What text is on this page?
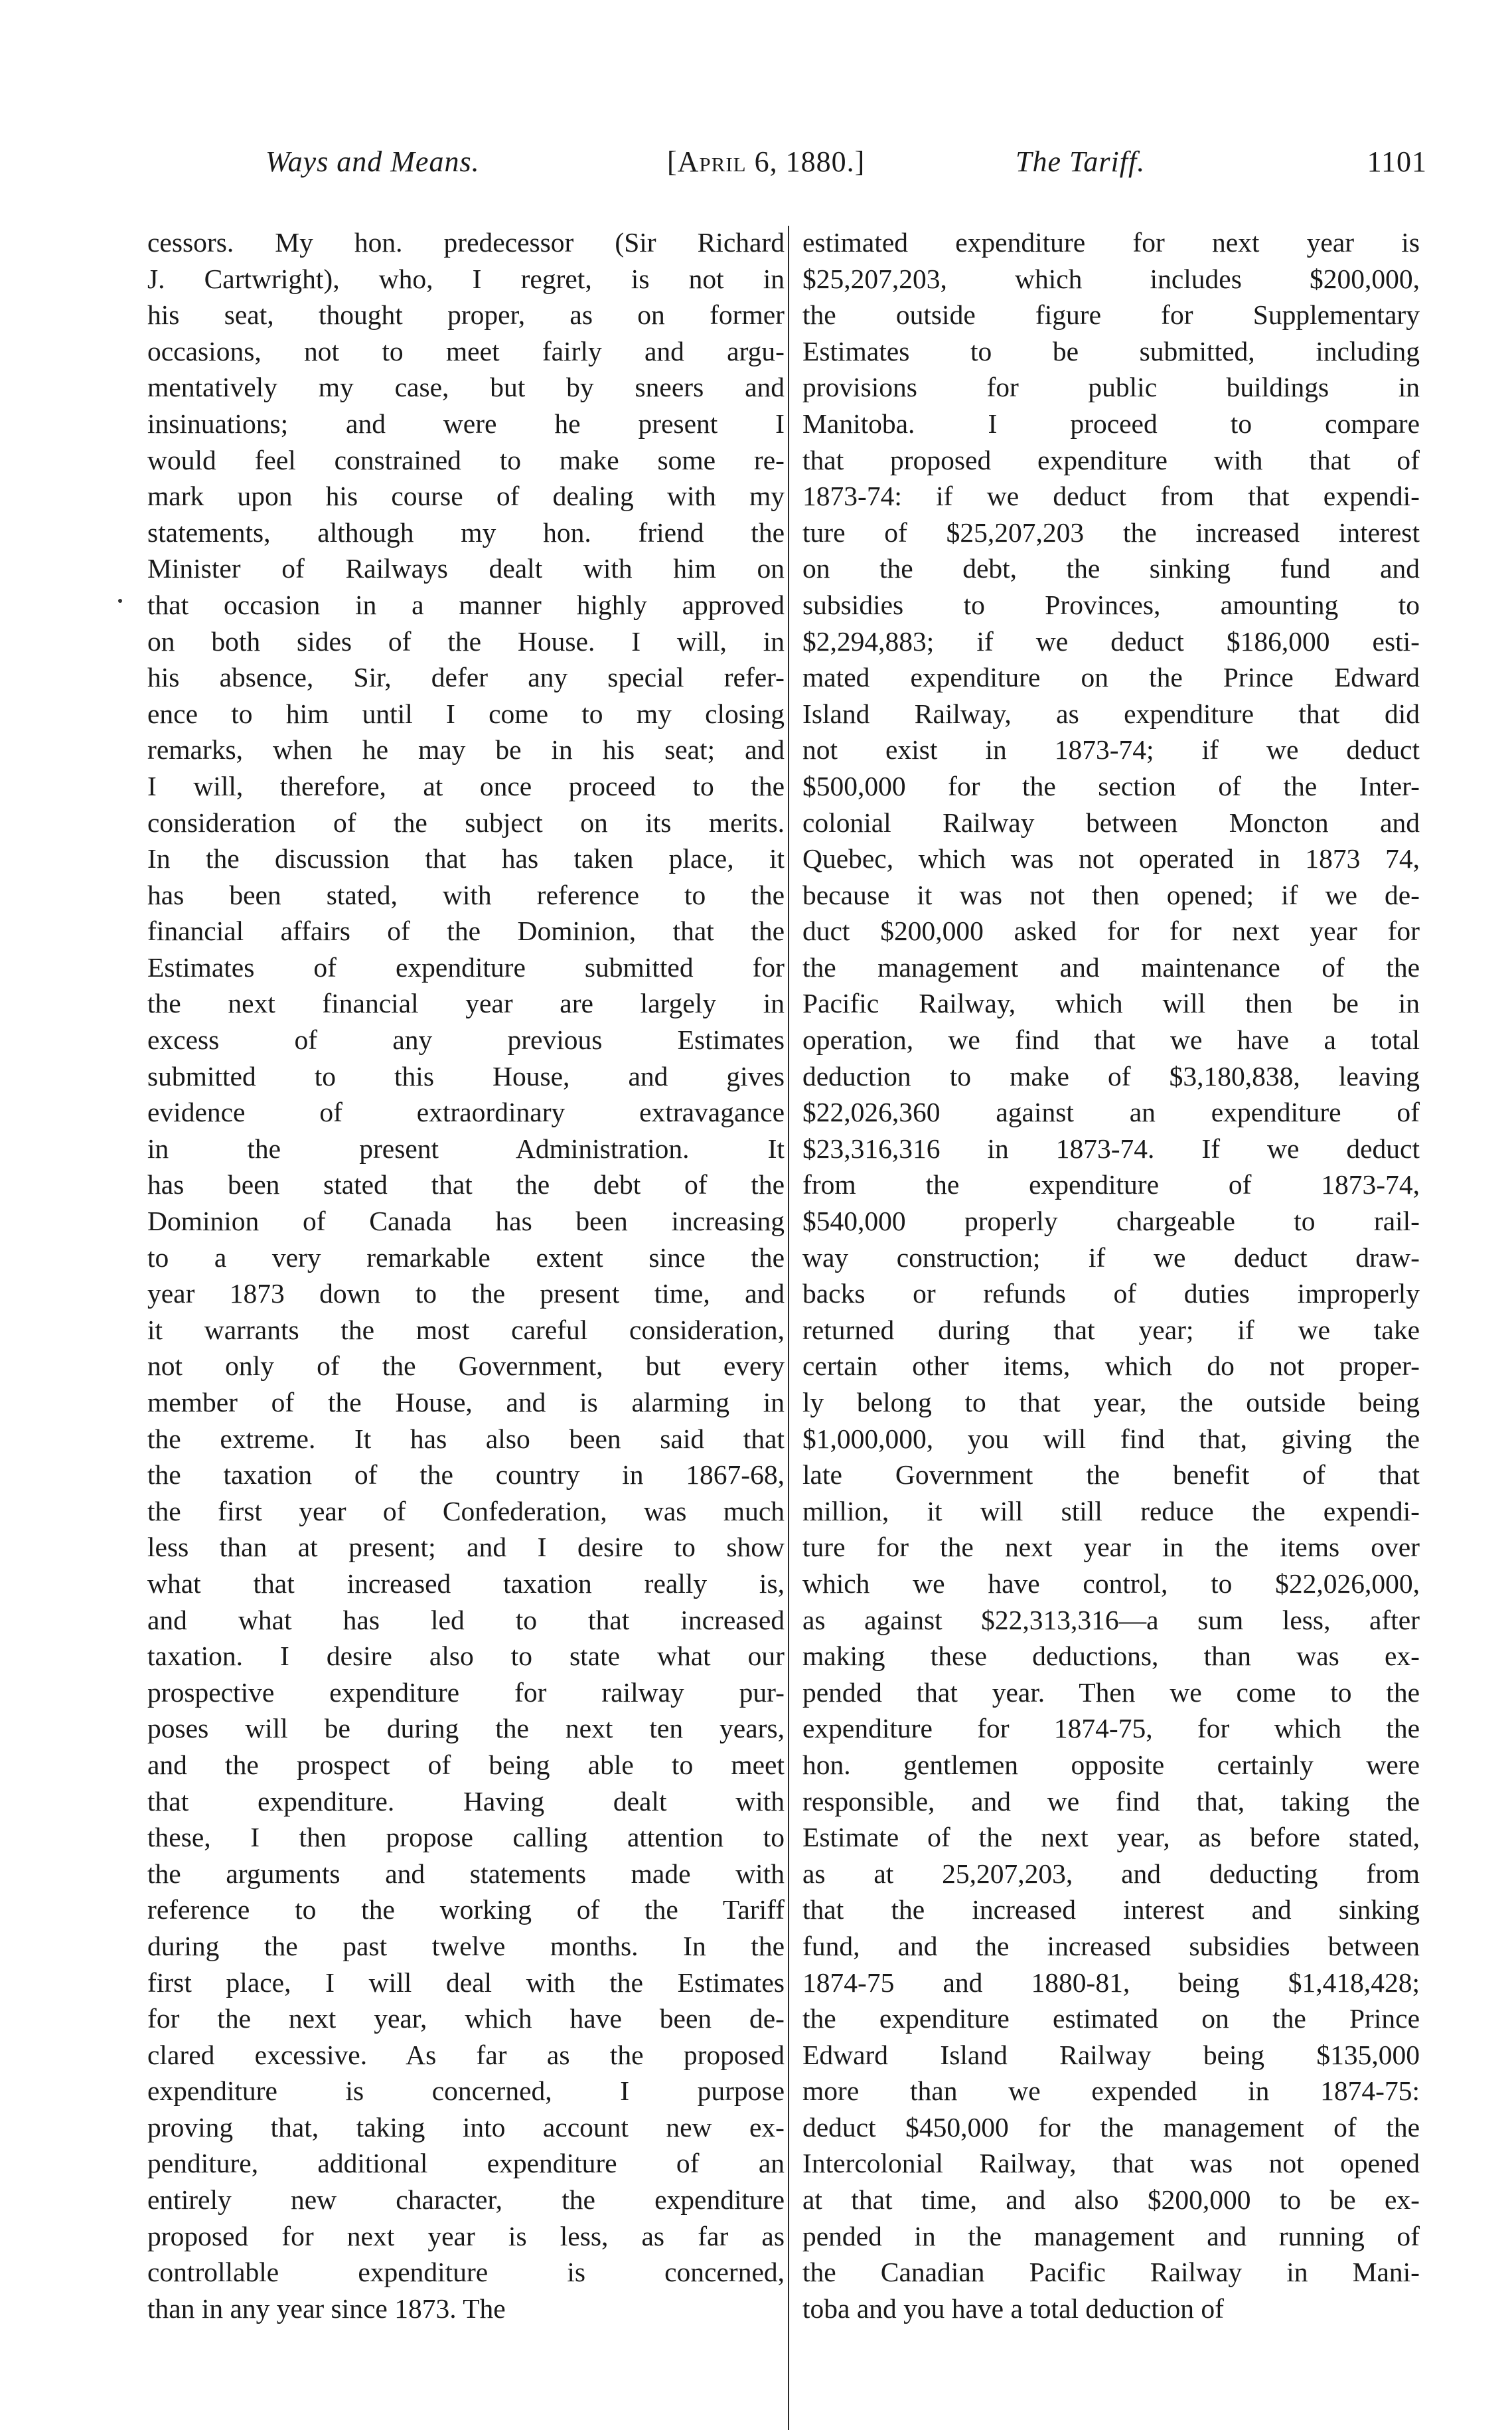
Ways and Means.	[April 6, 1880.]	The Tariff.	1101
cessors. My hon. predecessor (Sir Richard
J. Cartwright), who, I regret, is not in
his seat, thought proper, as on former
occasions, not to meet fairly and argu-
mentatively my case, but by sneers and
insinuations; and were he present I
would feel constrained to make some re-
mark upon his course of dealing with my
statements, although my hon. friend the
Minister of Railways dealt with him on
that occasion in a manner highly approved
on both sides of the House. I will, in
his absence, Sir, defer any special refer-
ence to him until I come to my closing
remarks, when he may be in his seat; and
I will, therefore, at once proceed to the
consideration of the subject on its merits.
In the discussion that has taken place, it
has been stated, with reference to the
financial affairs of the Dominion, that the
Estimates of expenditure submitted for
the next financial year are largely in
excess of any previous Estimates
submitted to this House, and gives
evidence of extraordinary extravagance
in the present Administration. It
has been stated that the debt of the
Dominion of Canada has been increasing
to a very remarkable extent since the
year 1873 down to the present time, and
it warrants the most careful consideration,
not only of the Government, but every
member of the House, and is alarming in
the extreme. It has also been said that
the taxation of the country in 1867-68,
the first year of Confederation, was much
less than at present; and I desire to show
what that increased taxation really is,
and what has led to that increased
taxation. I desire also to state what our
prospective expenditure for railway pur-
poses will be during the next ten years,
and the prospect of being able to meet
that expenditure. Having dealt with
these, I then propose calling attention to
the arguments and statements made with
reference to the working of the Tariff
during the past twelve months. In the
first place, I will deal with the Estimates
for the next year, which have been de-
clared excessive. As far as the proposed
expenditure is concerned, I purpose
proving that, taking into account new ex-
penditure, additional expenditure of an
entirely new character, the expenditure
proposed for next year is less, as far as
controllable expenditure is concerned,
than in any year since 1873. The
estimated expenditure for next year is
$25,207,203, which includes $200,000,
the outside figure for Supplementary
Estimates to be submitted, including
provisions for public buildings in
Manitoba. I proceed to compare
that proposed expenditure with that of
1873-74: if we deduct from that expendi-
ture of $25,207,203 the increased interest
on the debt, the sinking fund and
subsidies to Provinces, amounting to
$2,294,883; if we deduct $186,000 esti-
mated expenditure on the Prince Edward
Island Railway, as expenditure that did
not exist in 1873-74; if we deduct
$500,000 for the section of the Inter-
colonial Railway between Moncton and
Quebec, which was not operated in 1873 74,
because it was not then opened; if we de-
duct $200,000 asked for for next year for
the management and maintenance of the
Pacific Railway, which will then be in
operation, we find that we have a total
deduction to make of $3,180,838, leaving
$22,026,360 against an expenditure of
$23,316,316 in 1873-74. If we deduct
from the expenditure of 1873-74,
$540,000 properly chargeable to rail-
way construction; if we deduct draw-
backs or refunds of duties improperly
returned during that year; if we take
certain other items, which do not proper-
ly belong to that year, the outside being
$1,000,000, you will find that, giving the
late Government the benefit of that
million, it will still reduce the expendi-
ture for the next year in the items over
which we have control, to $22,026,000,
as against $22,313,316—a sum less, after
making these deductions, than was ex-
pended that year. Then we come to the
expenditure for 1874-75, for which the
hon. gentlemen opposite certainly were
responsible, and we find that, taking the
Estimate of the next year, as before stated,
as at 25,207,203, and deducting from
that the increased interest and sinking
fund, and the increased subsidies between
1874-75 and 1880-81, being $1,418,428;
the expenditure estimated on the Prince
Edward Island Railway being $135,000
more than we expended in 1874-75:
deduct $450,000 for the management of the
Intercolonial Railway, that was not opened
at that time, and also $200,000 to be ex-
pended in the management and running of
the Canadian Pacific Railway in Mani-
toba and you have a total deduction of
